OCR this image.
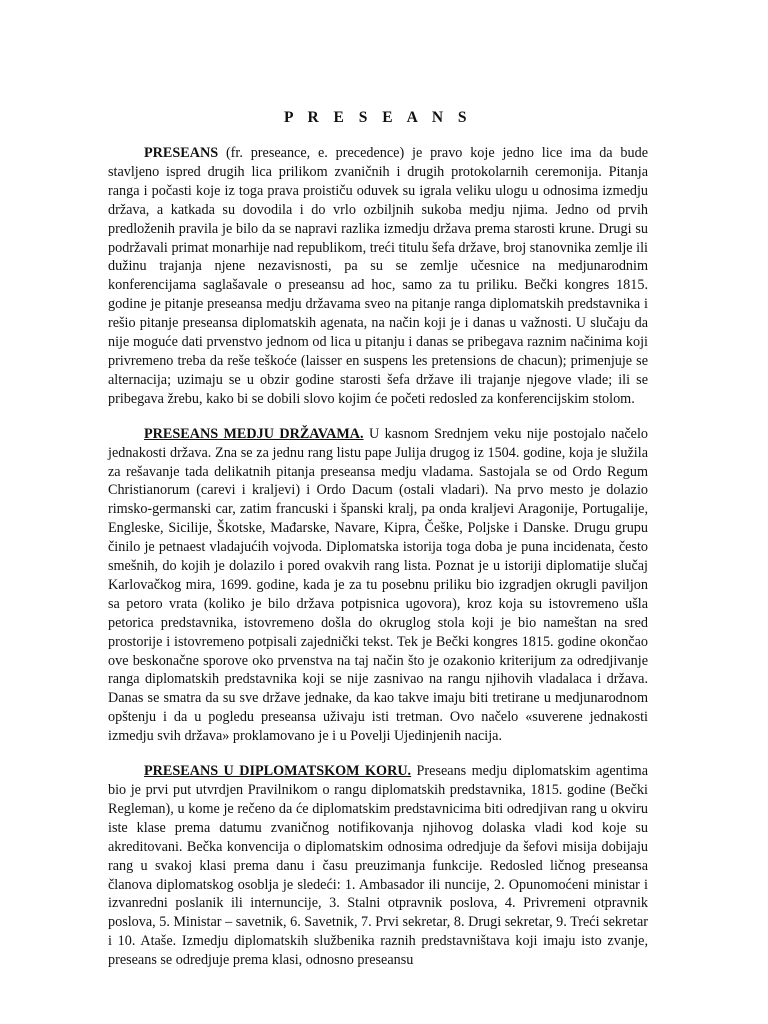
P R E S E A N S

PRESEANS (fr. preseance, e. precedence) je pravo koje jedno lice ima da bude stavljeno ispred drugih lica prilikom zvaničnih i drugih protokolarnih ceremonija. Pitanja ranga i počasti koje iz toga prava proističu oduvek su igrala veliku ulogu u odnosima izmedju država, a katkada su dovodila i do vrlo ozbiljnih sukoba medju njima. Jedno od prvih predloženih pravila je bilo da se napravi razlika izmedju država prema starosti krune. Drugi su podržavali primat monarhije nad republikom, treći titulu šefa države, broj stanovnika zemlje ili dužinu trajanja njene nezavisnosti, pa su se zemlje učesnice na medjunarodnim konferencijama saglašavale o preseansu ad hoc, samo za tu priliku. Bečki kongres 1815. godine je pitanje preseansa medju državama sveo na pitanje ranga diplomatskih predstavnika i rešio pitanje preseansa diplomatskih agenata, na način koji je i danas u važnosti. U slučaju da nije moguće dati prvenstvo jednom od lica u pitanju i danas se pribegava raznim načinima koji privremeno treba da reše teškoće (laisser en suspens les pretensions de chacun); primenjuje se alternacija; uzimaju se u obzir godine starosti šefa države ili trajanje njegove vlade; ili se pribegava žrebu, kako bi se dobili slovo kojim će početi redosled za konferencijskim stolom.

PRESEANS MEDJU DRŽAVAMA. U kasnom Srednjem veku nije postojalo načelo jednakosti država. Zna se za jednu rang listu pape Julija drugog iz 1504. godine, koja je služila za rešavanje tada delikatnih pitanja preseansa medju vladama. Sastojala se od Ordo Regum Christianorum (carevi i kraljevi) i Ordo Dacum (ostali vladari). Na prvo mesto je dolazio rimsko-germanski car, zatim francuski i španski kralj, pa onda kraljevi Aragonije, Portugalije, Engleske, Sicilije, Škotske, Mađarske, Navare, Kipra, Češke, Poljske i Danske. Drugu grupu činilo je petnaest vladajućih vojvoda. Diplomatska istorija toga doba je puna incidenata, često smešnih, do kojih je dolazilo i pored ovakvih rang lista. Poznat je u istoriji diplomatije slučaj Karlovačkog mira, 1699. godine, kada je za tu posebnu priliku bio izgradjen okrugli paviljon sa petoro vrata (koliko je bilo država potpisnica ugovora), kroz koja su istovremeno ušla petorica predstavnika, istovremeno došla do okruglog stola koji je bio nameštan na sred prostorije i istovremeno potpisali zajednički tekst. Tek je Bečki kongres 1815. godine okončao ove beskonačne sporove oko prvenstva na taj način što je ozakonio kriterijum za odredjivanje ranga diplomatskih predstavnika koji se nije zasnivao na rangu njihovih vladalaca i država. Danas se smatra da su sve države jednake, da kao takve imaju biti tretirane u medjunarodnom opštenju i da u pogledu preseansa uživaju isti tretman. Ovo načelo «suverene jednakosti izmedju svih država» proklamovano je i u Povelji Ujedinjenih nacija.

PRESEANS U DIPLOMATSKOM KORU. Preseans medju diplomatskim agentima bio je prvi put utvrdjen Pravilnikom o rangu diplomatskih predstavnika, 1815. godine (Bečki Regleman), u kome je rečeno da će diplomatskim predstavnicima biti odredjivan rang u okviru iste klase prema datumu zvaničnog notifikovanja njihovog dolaska vladi kod koje su akreditovani. Bečka konvencija o diplomatskim odnosima odredjuje da šefovi misija dobijaju rang u svakoj klasi prema danu i času preuzimanja funkcije. Redosled ličnog preseansa članova diplomatskog osoblja je sledeći: 1. Ambasador ili nuncije, 2. Opunomoćeni ministar i izvanredni poslanik ili internuncije, 3. Stalni otpravnik poslova, 4. Privremeni otpravnik poslova, 5. Ministar – savetnik, 6. Savetnik, 7. Prvi sekretar, 8. Drugi sekretar, 9. Treći sekretar i 10. Ataše. Izmedju diplomatskih službenika raznih predstavništava koji imaju isto zvanje, preseans se odredjuje prema klasi, odnosno preseansu
